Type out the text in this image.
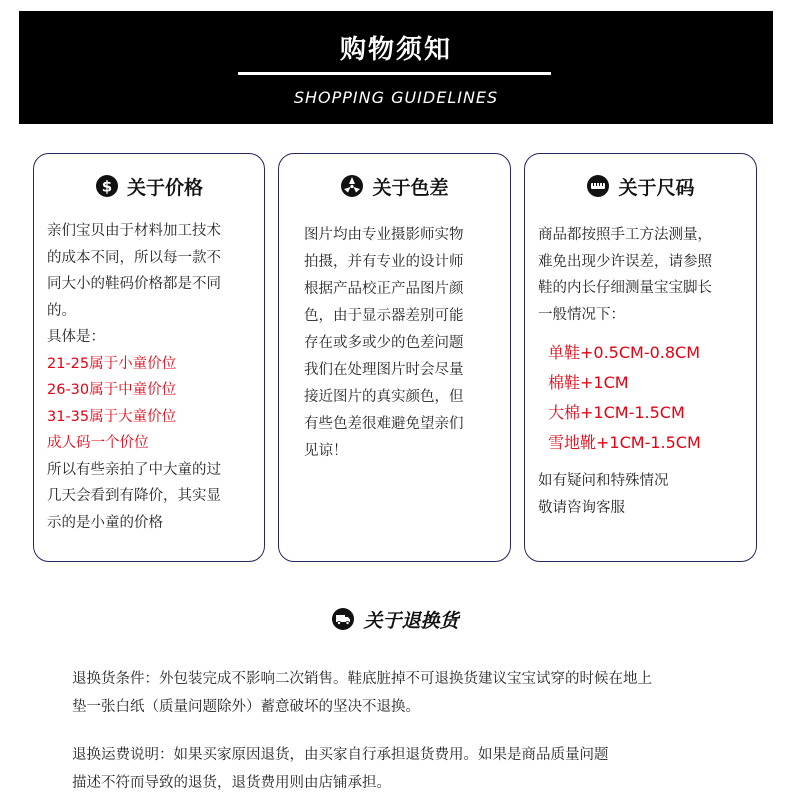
购物须知
SHOPPING GUIDELINES
$ 关于价格

亲们宝贝由于材料加工技术

的成本不同，所以每一款不

同大小的鞋码价格都是不同

的。

具体是：

21-25属于小童价位

26-30属于中童价位

31-35属于大童价位

成人码一个价位

所以有些亲拍了中大童的过

几天会看到有降价，其实显

示的是小童的价格

关于色差

图片均由专业摄影师实物

拍摄，并有专业的设计师

根据产品校正产品图片颜

色，由于显示器差别可能

存在或多或少的色差问题

我们在处理图片时会尽量

接近图片的真实颜色，但

有些色差很难避免望亲们

见谅！

关于尺码

商品都按照手工方法测量，

难免出现少许误差，请参照

鞋的内长仔细测量宝宝脚长

一般情况下：

单鞋+0.5CM-0.8CM

棉鞋+1CM

大棉+1CM-1.5CM

雪地靴+1CM-1.5CM

如有疑问和特殊情况

敬请咨询客服

关于退换货

退换货条件：外包装完成不影响二次销售。鞋底脏掉不可退换货建议宝宝试穿的时候在地上

垫一张白纸（质量问题除外）蓄意破坏的坚决不退换。

退换运费说明：如果买家原因退货，由买家自行承担退货费用。如果是商品质量问题

描述不符而导致的退货，退货费用则由店铺承担。
